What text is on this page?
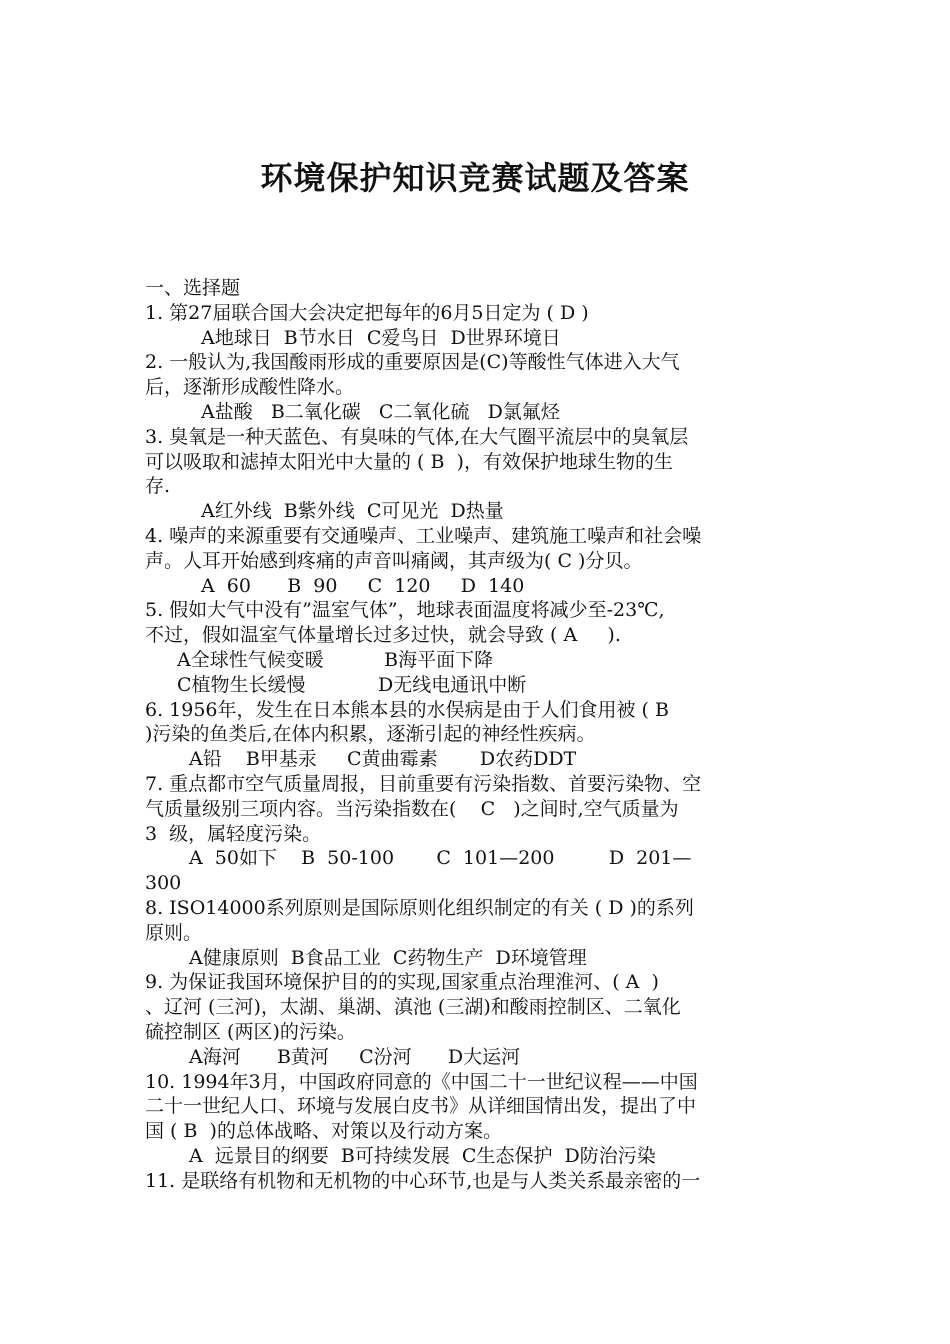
环境保护知识竞赛试题及答案
一、选择题
1. 第27届联合国大会决定把每年的6月5日定为 ( D )
A地球日  B节水日  C爱鸟日  D世界环境日
2. 一般认为,我国酸雨形成的重要原因是(C)等酸性气体进入大气
后，逐渐形成酸性降水。
A盐酸   B二氧化碳   C二氧化硫   D氯氟烃
3. 臭氧是一种天蓝色、有臭味的气体,在大气圈平流层中的臭氧层
可以吸取和滤掉太阳光中大量的 ( B  )，有效保护地球生物的生
存.
A红外线  B紫外线  C可见光  D热量
4. 噪声的来源重要有交通噪声、工业噪声、建筑施工噪声和社会噪
声。人耳开始感到疼痛的声音叫痛阈，其声级为( C )分贝。
A  60      B  90     C  120     D  140
5. 假如大气中没有”温室气体”，地球表面温度将减少至-23℃,
不过，假如温室气体量增长过多过快，就会导致 ( A     ).
A全球性气候变暖          B海平面下降
C植物生长缓慢            D无线电通讯中断
6. 1956年，发生在日本熊本县的水俣病是由于人们食用被 ( B
)污染的鱼类后,在体内积累，逐渐引起的神经性疾病。
A铅    B甲基汞     C黄曲霉素       D农药DDT
7. 重点都市空气质量周报，目前重要有污染指数、首要污染物、空
气质量级别三项内容。当污染指数在(    C   )之间时,空气质量为
3  级，属轻度污染。
A  50如下    B  50-100       C  101—200         D  201—
300
8. ISO14000系列原则是国际原则化组织制定的有关 ( D )的系列
原则。
A健康原则  B食品工业  C药物生产  D环境管理
9. 为保证我国环境保护目的的实现,国家重点治理淮河、( A  )
、辽河 (三河)，太湖、巢湖、滇池 (三湖)和酸雨控制区、二氧化
硫控制区 (两区)的污染。
A海河      B黄河     C汾河      D大运河
10. 1994年3月，中国政府同意的《中国二十一世纪议程——中国
二十一世纪人口、环境与发展白皮书》从详细国情出发，提出了中
国 ( B  )的总体战略、对策以及行动方案。
A  远景目的纲要  B可持续发展  C生态保护  D防治污染
11. 是联络有机物和无机物的中心环节,也是与人类关系最亲密的一
